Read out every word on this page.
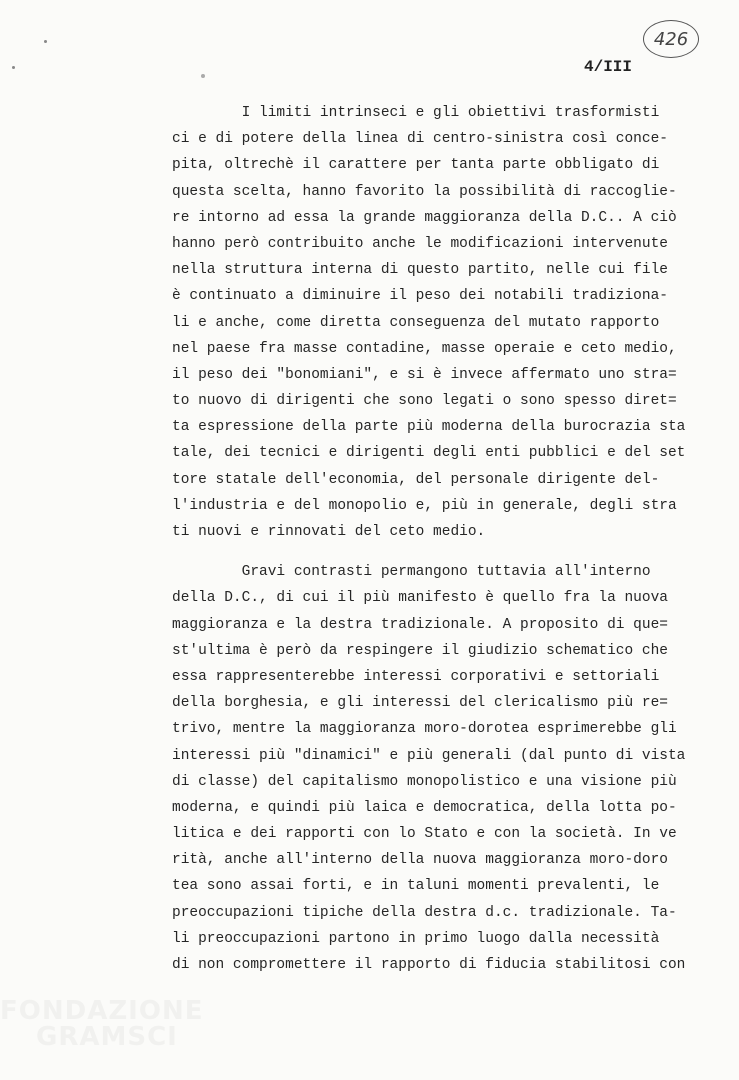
426
4/III
I limiti intrinseci e gli obiettivi trasformisti
ci e di potere della linea di centro-sinistra così conce-
pita, oltrechè il carattere per tanta parte obbligato di
questa scelta, hanno favorito la possibilità di raccoglie-
re intorno ad essa la grande maggioranza della D.C.. A ciò
hanno però contribuito anche le modificazioni intervenute
nella struttura interna di questo partito, nelle cui file
è continuato a diminuire il peso dei notabili tradiziona-
li e anche, come diretta conseguenza del mutato rapporto
nel paese fra masse contadine, masse operaie e ceto medio,
il peso dei "bonomiani", e si è invece affermato uno stra=
to nuovo di dirigenti che sono legati o sono spesso diret=
ta espressione della parte più moderna della burocrazia sta
tale, dei tecnici e dirigenti degli enti pubblici e del set
tore statale dell'economia, del personale dirigente del-
l'industria e del monopolio e, più in generale, degli stra
ti nuovi e rinnovati del ceto medio.
Gravi contrasti permangono tuttavia all'interno
della D.C., di cui il più manifesto è quello fra la nuova
maggioranza e la destra tradizionale. A proposito di que=
st'ultima è però da respingere il giudizio schematico che
essa rappresenterebbe interessi corporativi e settoriali
della borghesia, e gli interessi del clericalismo più re=
trivo, mentre la maggioranza moro-dorotea esprimerebbe gli
interessi più "dinamici" e più generali (dal punto di vista
di classe) del capitalismo monopolistico e una visione più
moderna, e quindi più laica e democratica, della lotta po-
litica e dei rapporti con lo Stato e con la società. In ve
rità, anche all'interno della nuova maggioranza moro-doro
tea sono assai forti, e in taluni momenti prevalenti, le
preoccupazioni tipiche della destra d.c. tradizionale. Ta-
li preoccupazioni partono in primo luogo dalla necessità
di non compromettere il rapporto di fiducia stabilitosi con
FONDAZIONE
GRAMSCI
